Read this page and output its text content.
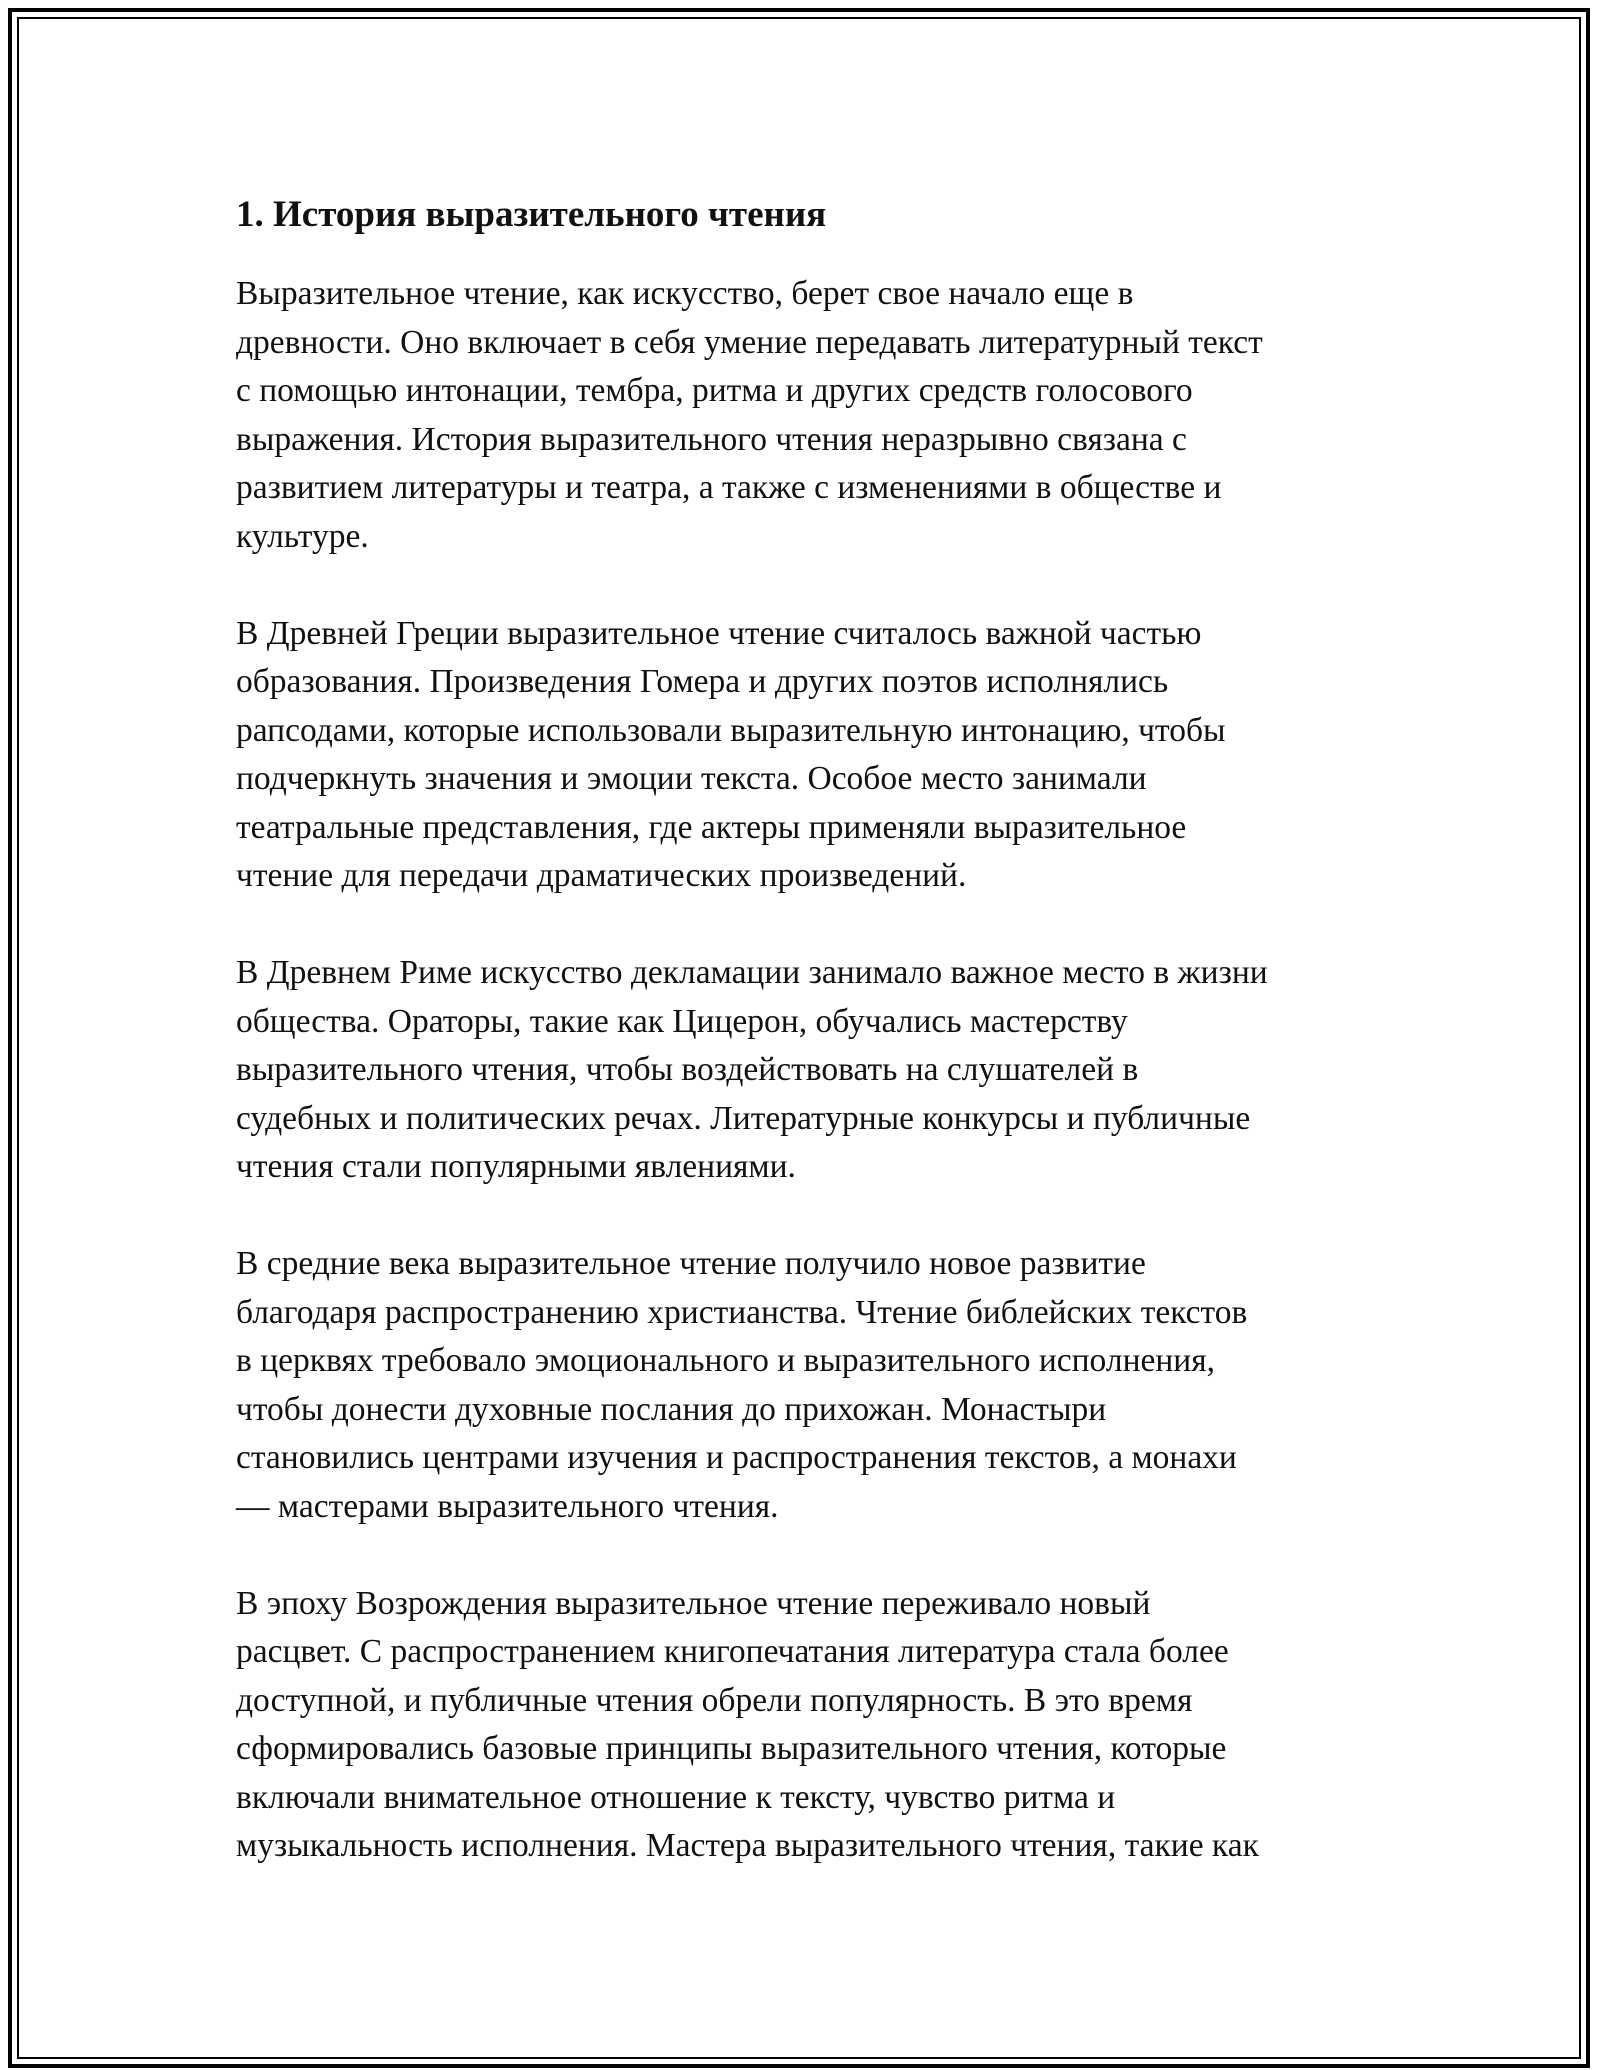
1. История выразительного чтения

Выразительное чтение, как искусство, берет свое начало еще в
древности. Оно включает в себя умение передавать литературный текст
с помощью интонации, тембра, ритма и других средств голосового
выражения. История выразительного чтения неразрывно связана с
развитием литературы и театра, а также с изменениями в обществе и
культуре.

В Древней Греции выразительное чтение считалось важной частью
образования. Произведения Гомера и других поэтов исполнялись
рапсодами, которые использовали выразительную интонацию, чтобы
подчеркнуть значения и эмоции текста. Особое место занимали
театральные представления, где актеры применяли выразительное
чтение для передачи драматических произведений.

В Древнем Риме искусство декламации занимало важное место в жизни
общества. Ораторы, такие как Цицерон, обучались мастерству
выразительного чтения, чтобы воздействовать на слушателей в
судебных и политических речах. Литературные конкурсы и публичные
чтения стали популярными явлениями.

В средние века выразительное чтение получило новое развитие
благодаря распространению христианства. Чтение библейских текстов
в церквях требовало эмоционального и выразительного исполнения,
чтобы донести духовные послания до прихожан. Монастыри
становились центрами изучения и распространения текстов, а монахи
— мастерами выразительного чтения.

В эпоху Возрождения выразительное чтение переживало новый
расцвет. С распространением книгопечатания литература стала более
доступной, и публичные чтения обрели популярность. В это время
сформировались базовые принципы выразительного чтения, которые
включали внимательное отношение к тексту, чувство ритма и
музыкальность исполнения. Мастера выразительного чтения, такие как
